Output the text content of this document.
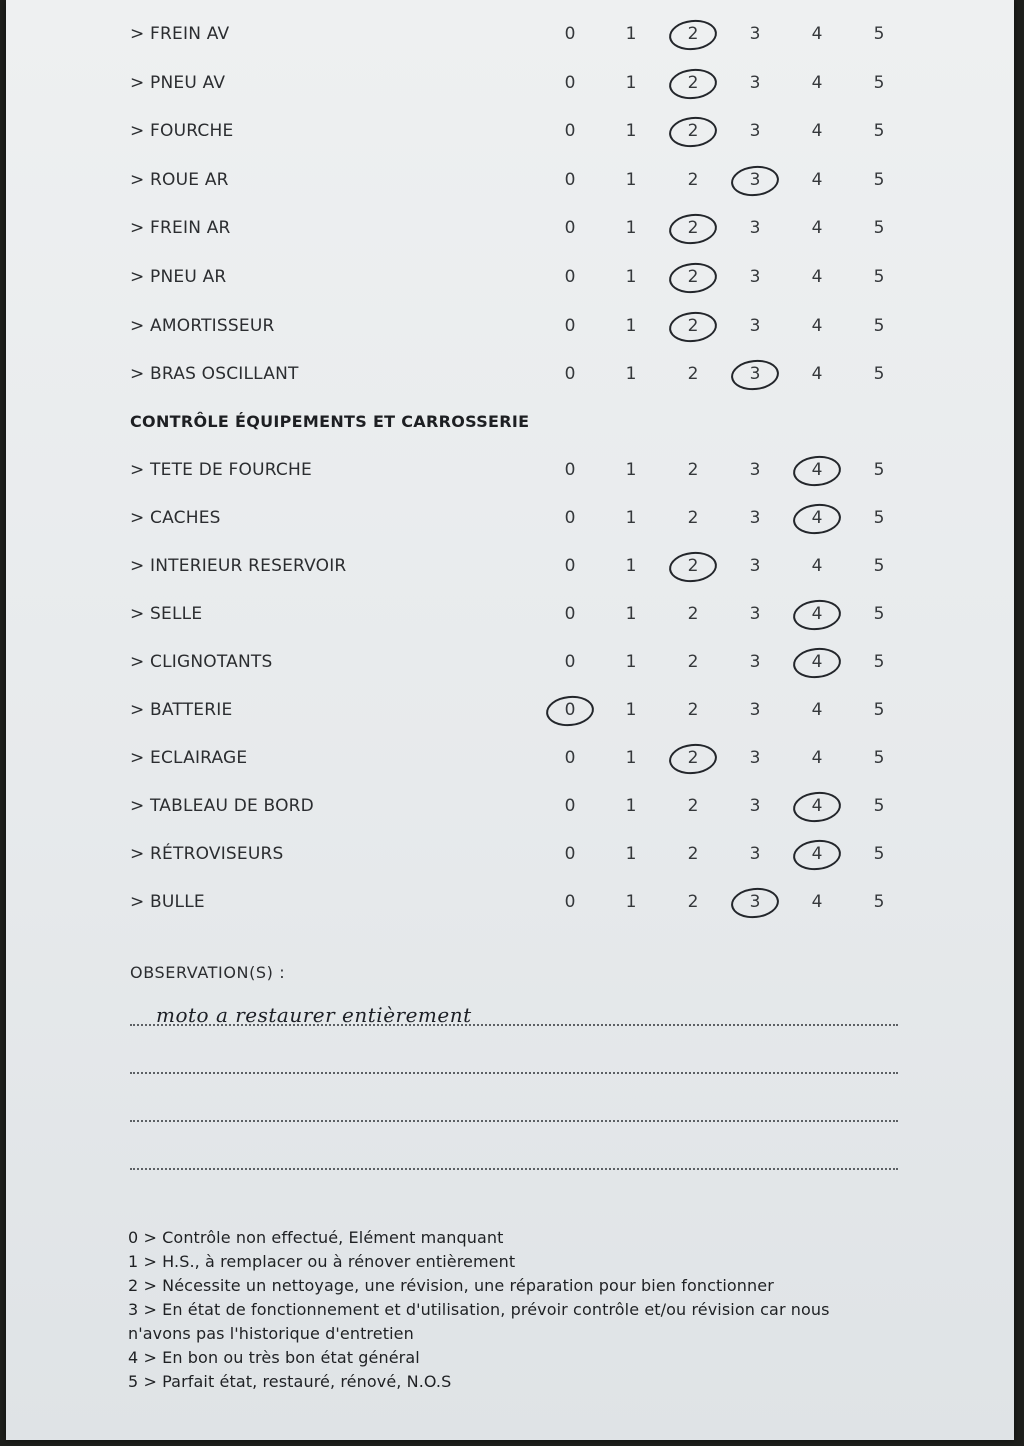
> FREIN AV	0	1	2	3	4	5
> PNEU AV	0	1	2	3	4	5
> FOURCHE	0	1	2	3	4	5
> ROUE AR	0	1	2	3	4	5
> FREIN AR	0	1	2	3	4	5
> PNEU AR	0	1	2	3	4	5
> AMORTISSEUR	0	1	2	3	4	5
> BRAS OSCILLANT	0	1	2	3	4	5
CONTRÔLE ÉQUIPEMENTS ET CARROSSERIE
> TETE DE FOURCHE	0	1	2	3	4	5
> CACHES	0	1	2	3	4	5
> INTERIEUR RESERVOIR	0	1	2	3	4	5
> SELLE	0	1	2	3	4	5
> CLIGNOTANTS	0	1	2	3	4	5
> BATTERIE	0	1	2	3	4	5
> ECLAIRAGE	0	1	2	3	4	5
> TABLEAU DE BORD	0	1	2	3	4	5
> RÉTROVISEURS	0	1	2	3	4	5
> BULLE	0	1	2	3	4	5
OBSERVATION(S) :
moto a restaurer entièrement
0 > Contrôle non effectué, Elément manquant
1 > H.S., à remplacer ou à rénover entièrement
2 > Nécessite un nettoyage, une révision, une réparation pour bien fonctionner
3 > En état de fonctionnement et d'utilisation, prévoir contrôle et/ou révision car nous
n'avons pas l'historique d'entretien
4 > En bon ou très bon état général
5 > Parfait état, restauré, rénové, N.O.S
